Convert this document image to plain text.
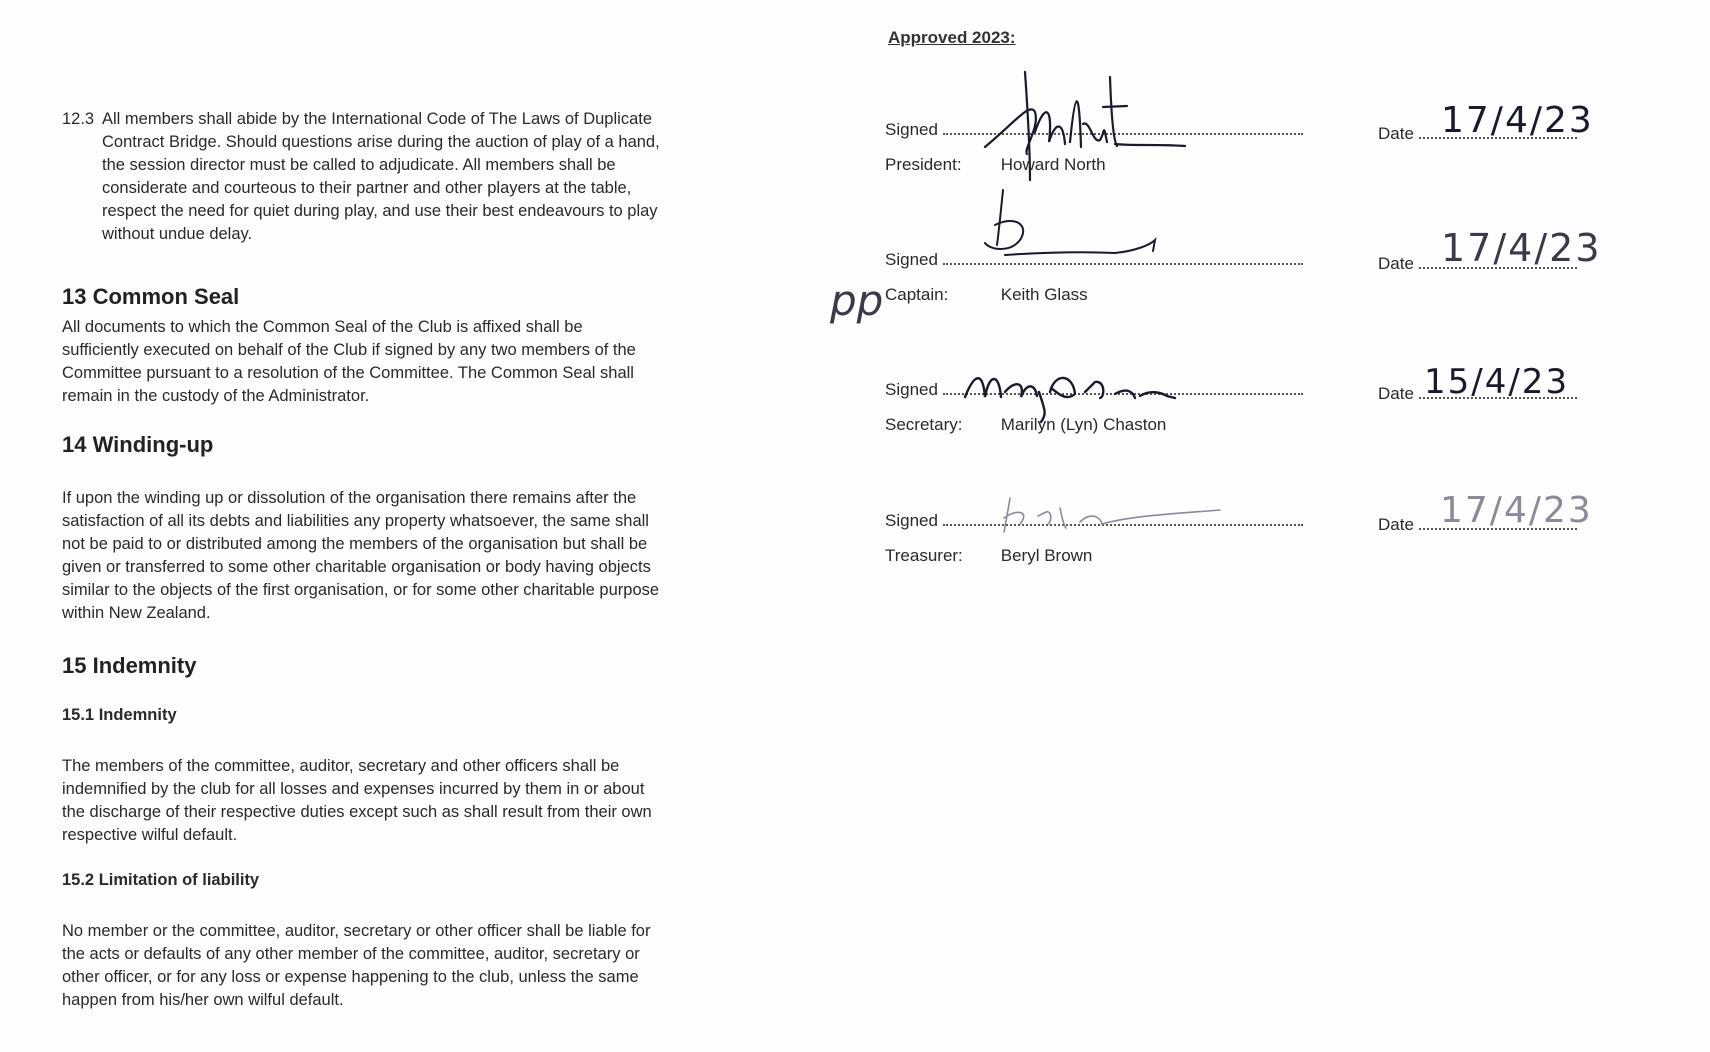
12.3 All members shall abide by the International Code of The Laws of Duplicate

Contract Bridge. Should questions arise during the auction of play of a hand,

the session director must be called to adjudicate. All members shall be

considerate and courteous to their partner and other players at the table,

respect the need for quiet during play, and use their best endeavours to play

without undue delay.

13 Common Seal

All documents to which the Common Seal of the Club is affixed shall be

sufficiently executed on behalf of the Club if signed by any two members of the

Committee pursuant to a resolution of the Committee. The Common Seal shall

remain in the custody of the Administrator.

14 Winding-up

If upon the winding up or dissolution of the organisation there remains after the

satisfaction of all its debts and liabilities any property whatsoever, the same shall

not be paid to or distributed among the members of the organisation but shall be

given or transferred to some other charitable organisation or body having objects

similar to the objects of the first organisation, or for some other charitable purpose

within New Zealand.

15 Indemnity
15.1 Indemnity

The members of the committee, auditor, secretary and other officers shall be

indemnified by the club for all losses and expenses incurred by them in or about

the discharge of their respective duties except such as shall result from their own

respective wilful default.

15.2 Limitation of liability

No member or the committee, auditor, secretary or other officer shall be liable for

the acts or defaults of any other member of the committee, auditor, secretary or

other officer, or for any loss or expense happening to the club, unless the same

happen from his/her own wilful default.

Approved 2023:
Signed
President: Howard North
Date 17/4/23
Signed
Captain:	Keith Glass
Date 17/4/23
pp
Signed
Secretary: Marilyn (Lyn) Chaston
Date 15/4/23
Signed
Treasurer: Beryl Brown
Date 17/4/23
